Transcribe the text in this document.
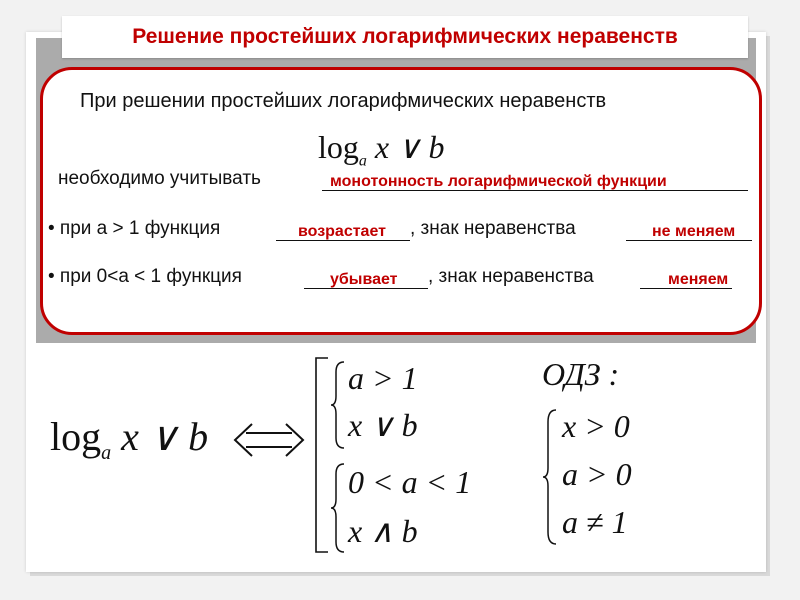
Решение простейших логарифмических неравенств
При решении простейших логарифмических неравенств
$\log_a x$ ∨ b
необходимо учитывать	монотонность логарифмической функции
• при а > 1 функция	возрастает , знак неравенства	не меняем
• при 0<а < 1 функция	убывает , знак неравенства	меняем
$\log_a x$ ∨ b
a > 1
x ∨ b
0 < a < 1
x ∧ b
ОДЗ :
x > 0
a > 0
a ≠ 1
